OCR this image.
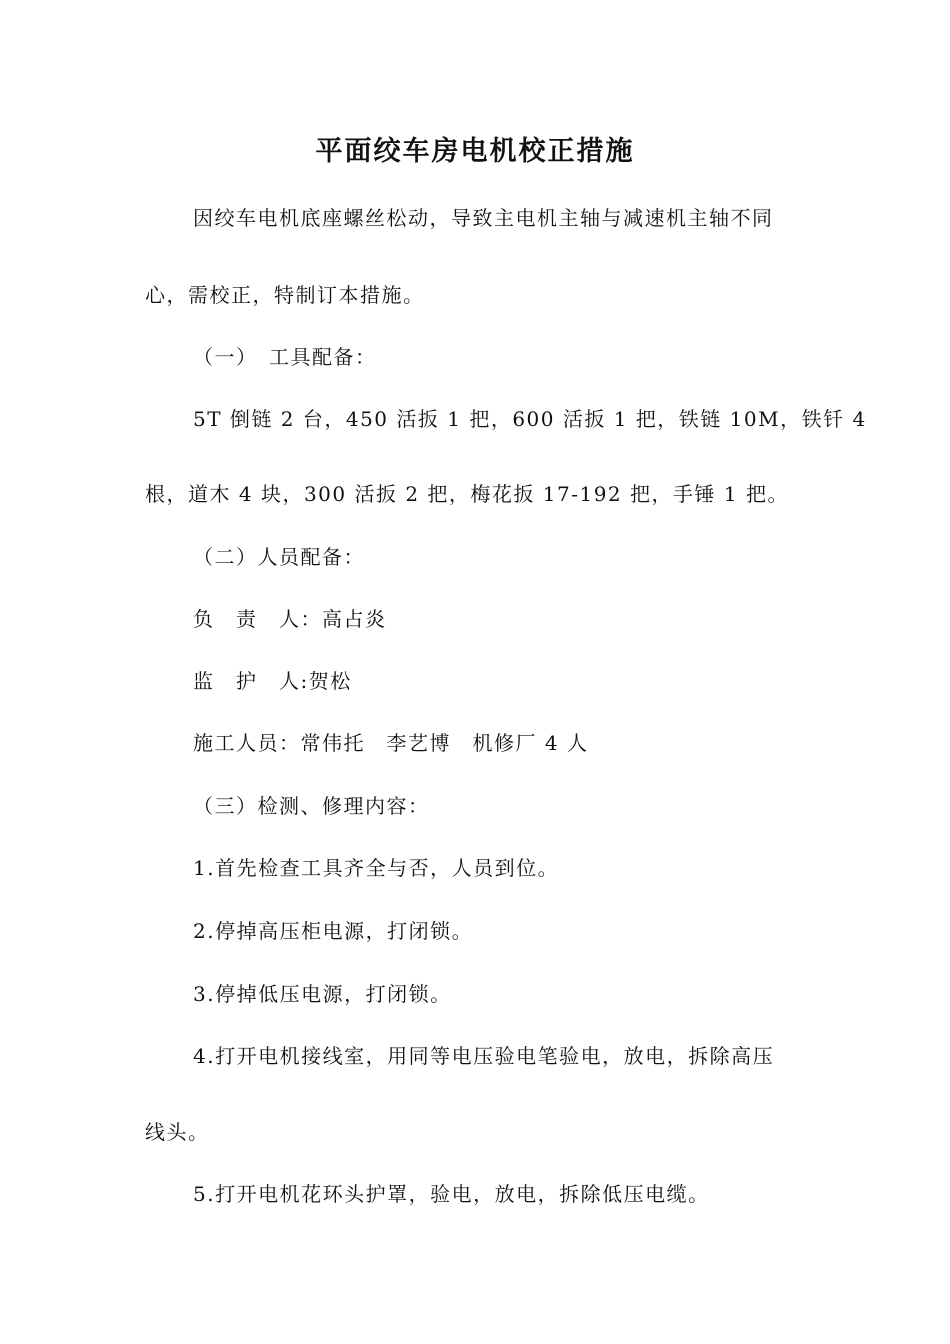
平面绞车房电机校正措施
因绞车电机底座螺丝松动，导致主电机主轴与减速机主轴不同
心，需校正，特制订本措施。
（一）　工具配备：
5T 倒链 2 台，450 活扳 1 把，600 活扳 1 把，铁链 10M，铁钎 4
根，道木 4 块，300 活扳 2 把，梅花扳 17-192 把，手锤 1 把。
（二）人员配备：
负　责　人：高占炎
监　护　人:贺松
施工人员：常伟托　李艺博　机修厂 4 人
（三）检测、修理内容：
1.首先检查工具齐全与否，人员到位。
2.停掉高压柜电源，打闭锁。
3.停掉低压电源，打闭锁。
4.打开电机接线室，用同等电压验电笔验电，放电，拆除高压
线头。
5.打开电机花环头护罩，验电，放电，拆除低压电缆。
